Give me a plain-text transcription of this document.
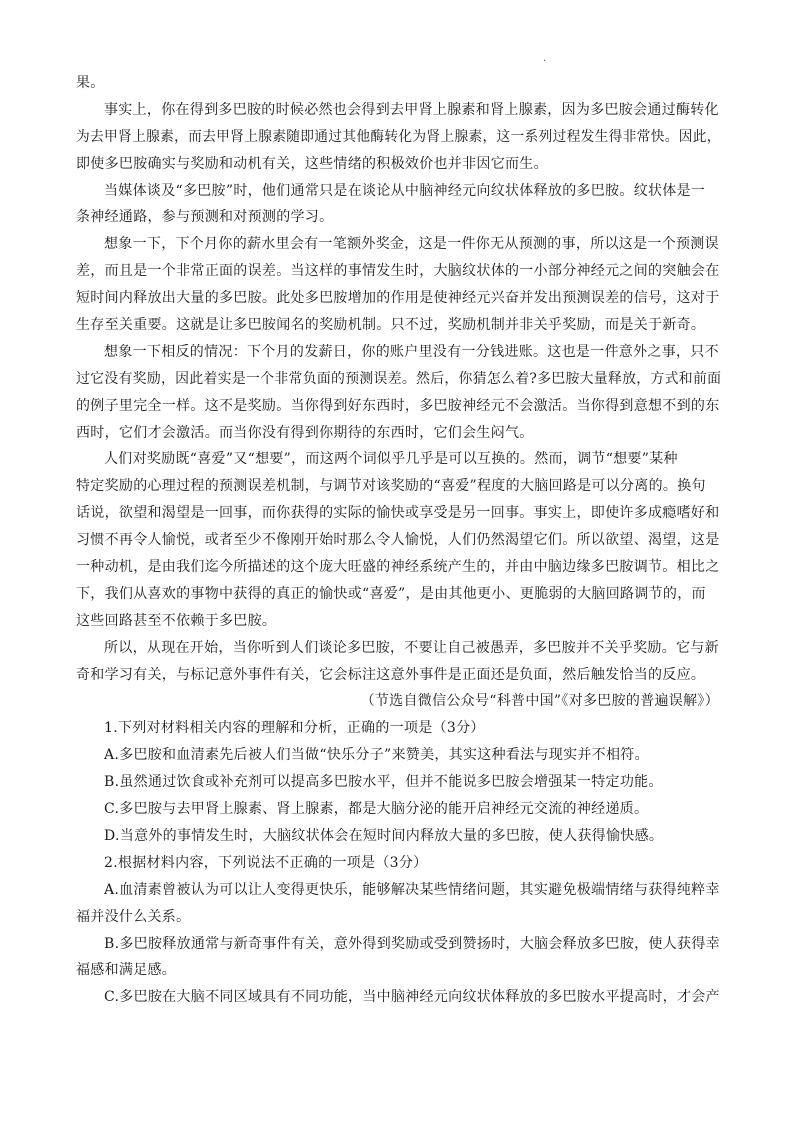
·
果。
事实上，你在得到多巴胺的时候必然也会得到去甲肾上腺素和肾上腺素，因为多巴胺会通过酶转化
为去甲肾上腺素，而去甲肾上腺素随即通过其他酶转化为肾上腺素，这一系列过程发生得非常快。因此，
即使多巴胺确实与奖励和动机有关，这些情绪的积极效价也并非因它而生。
当媒体谈及“多巴胺”时，他们通常只是在谈论从中脑神经元向纹状体释放的多巴胺。纹状体是一
条神经通路，参与预测和对预测的学习。
想象一下，下个月你的薪水里会有一笔额外奖金，这是一件你无从预测的事，所以这是一个预测误
差，而且是一个非常正面的误差。当这样的事情发生时，大脑纹状体的一小部分神经元之间的突触会在
短时间内释放出大量的多巴胺。此处多巴胺增加的作用是使神经元兴奋并发出预测误差的信号，这对于
生存至关重要。这就是让多巴胺闻名的奖励机制。只不过，奖励机制并非关乎奖励，而是关于新奇。
想象一下相反的情况：下个月的发薪日，你的账户里没有一分钱进账。这也是一件意外之事，只不
过它没有奖励，因此着实是一个非常负面的预测误差。然后，你猜怎么着?多巴胺大量释放，方式和前面
的例子里完全一样。这不是奖励。当你得到好东西时，多巴胺神经元不会激活。当你得到意想不到的东
西时，它们才会激活。而当你没有得到你期待的东西时，它们会生闷气。
人们对奖励既“喜爱”又“想要”，而这两个词似乎几乎是可以互换的。然而，调节“想要”某种
特定奖励的心理过程的预测误差机制，与调节对该奖励的“喜爱”程度的大脑回路是可以分离的。换句
话说，欲望和渴望是一回事，而你获得的实际的愉快或享受是另一回事。事实上，即使许多成瘾嗜好和
习惯不再令人愉悦，或者至少不像刚开始时那么令人愉悦，人们仍然渴望它们。所以欲望、渴望，这是
一种动机，是由我们迄今所描述的这个庞大旺盛的神经系统产生的，并由中脑边缘多巴胺调节。相比之
下，我们从喜欢的事物中获得的真正的愉快或“喜爱”，是由其他更小、更脆弱的大脑回路调节的，而
这些回路甚至不依赖于多巴胺。
所以，从现在开始，当你听到人们谈论多巴胺，不要让自己被愚弄，多巴胺并不关乎奖励。它与新
奇和学习有关，与标记意外事件有关，它会标注这意外事件是正面还是负面，然后触发恰当的反应。
（节选自微信公众号“科普中国”《对多巴胺的普遍误解》）
1.下列对材料相关内容的理解和分析，正确的一项是（3分）
A.多巴胺和血清素先后被人们当做“快乐分子”来赞美，其实这种看法与现实并不相符。
B.虽然通过饮食或补充剂可以提高多巴胺水平，但并不能说多巴胺会增强某一特定功能。
C.多巴胺与去甲肾上腺素、肾上腺素，都是大脑分泌的能开启神经元交流的神经递质。
D.当意外的事情发生时，大脑纹状体会在短时间内释放大量的多巴胺，使人获得愉快感。
2.根据材料内容，下列说法不正确的一项是（3分）
A.血清素曾被认为可以让人变得更快乐，能够解决某些情绪问题，其实避免极端情绪与获得纯粹幸
福并没什么关系。
B.多巴胺释放通常与新奇事件有关，意外得到奖励或受到赞扬时，大脑会释放多巴胺，使人获得幸
福感和满足感。
C.多巴胺在大脑不同区域具有不同功能，当中脑神经元向纹状体释放的多巴胺水平提高时，才会产
